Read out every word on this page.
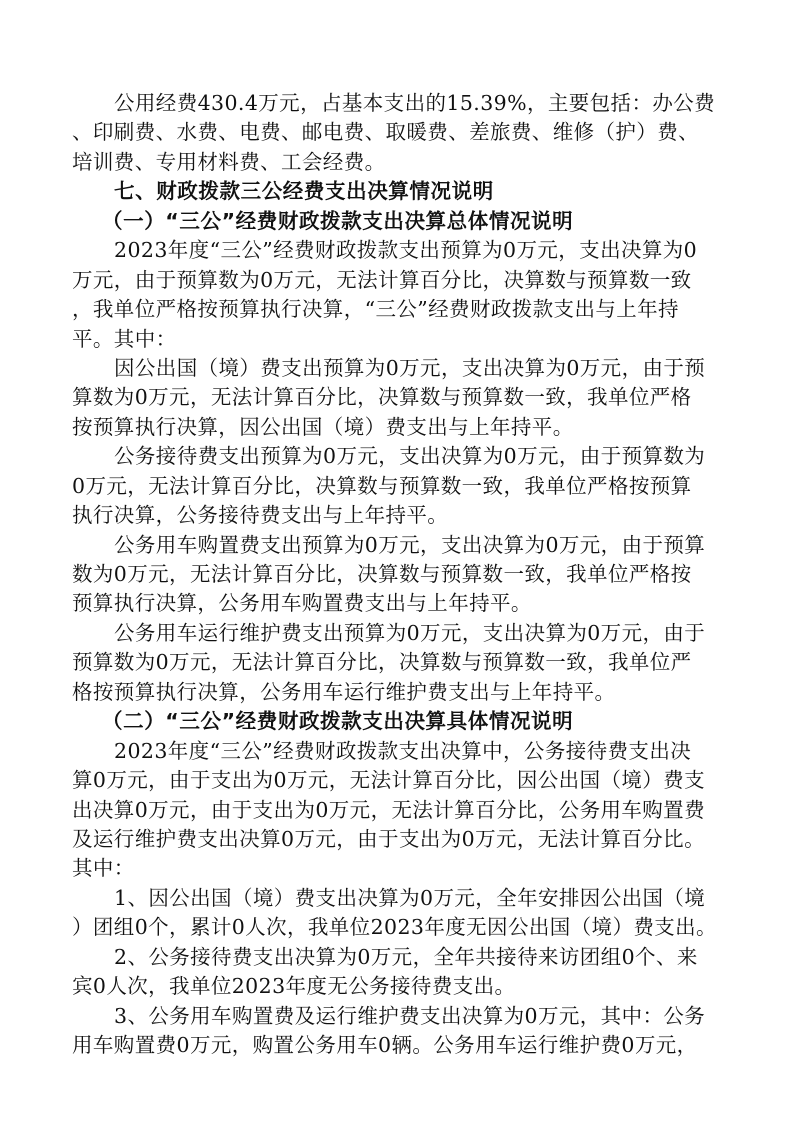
公用经费430.4万元，占基本支出的15.39%，主要包括：办公费
、印刷费、水费、电费、邮电费、取暖费、差旅费、维修（护）费、
培训费、专用材料费、工会经费。
七、财政拨款三公经费支出决算情况说明
（一）“三公”经费财政拨款支出决算总体情况说明
2023年度“三公”经费财政拨款支出预算为0万元，支出决算为0
万元，由于预算数为0万元，无法计算百分比，决算数与预算数一致
，我单位严格按预算执行决算，“三公”经费财政拨款支出与上年持
平。其中：
因公出国（境）费支出预算为0万元，支出决算为0万元，由于预
算数为0万元，无法计算百分比，决算数与预算数一致，我单位严格
按预算执行决算，因公出国（境）费支出与上年持平。
公务接待费支出预算为0万元，支出决算为0万元，由于预算数为
0万元，无法计算百分比，决算数与预算数一致，我单位严格按预算
执行决算，公务接待费支出与上年持平。
公务用车购置费支出预算为0万元，支出决算为0万元，由于预算
数为0万元，无法计算百分比，决算数与预算数一致，我单位严格按
预算执行决算，公务用车购置费支出与上年持平。
公务用车运行维护费支出预算为0万元，支出决算为0万元，由于
预算数为0万元，无法计算百分比，决算数与预算数一致，我单位严
格按预算执行决算，公务用车运行维护费支出与上年持平。
（二）“三公”经费财政拨款支出决算具体情况说明
2023年度“三公”经费财政拨款支出决算中，公务接待费支出决
算0万元，由于支出为0万元，无法计算百分比，因公出国（境）费支
出决算0万元，由于支出为0万元，无法计算百分比，公务用车购置费
及运行维护费支出决算0万元，由于支出为0万元，无法计算百分比。
其中：
1、因公出国（境）费支出决算为0万元，全年安排因公出国（境
）团组0个，累计0人次，我单位2023年度无因公出国（境）费支出。
2、公务接待费支出决算为0万元，全年共接待来访团组0个、来
宾0人次，我单位2023年度无公务接待费支出。
3、公务用车购置费及运行维护费支出决算为0万元，其中：公务
用车购置费0万元，购置公务用车0辆。公务用车运行维护费0万元，
